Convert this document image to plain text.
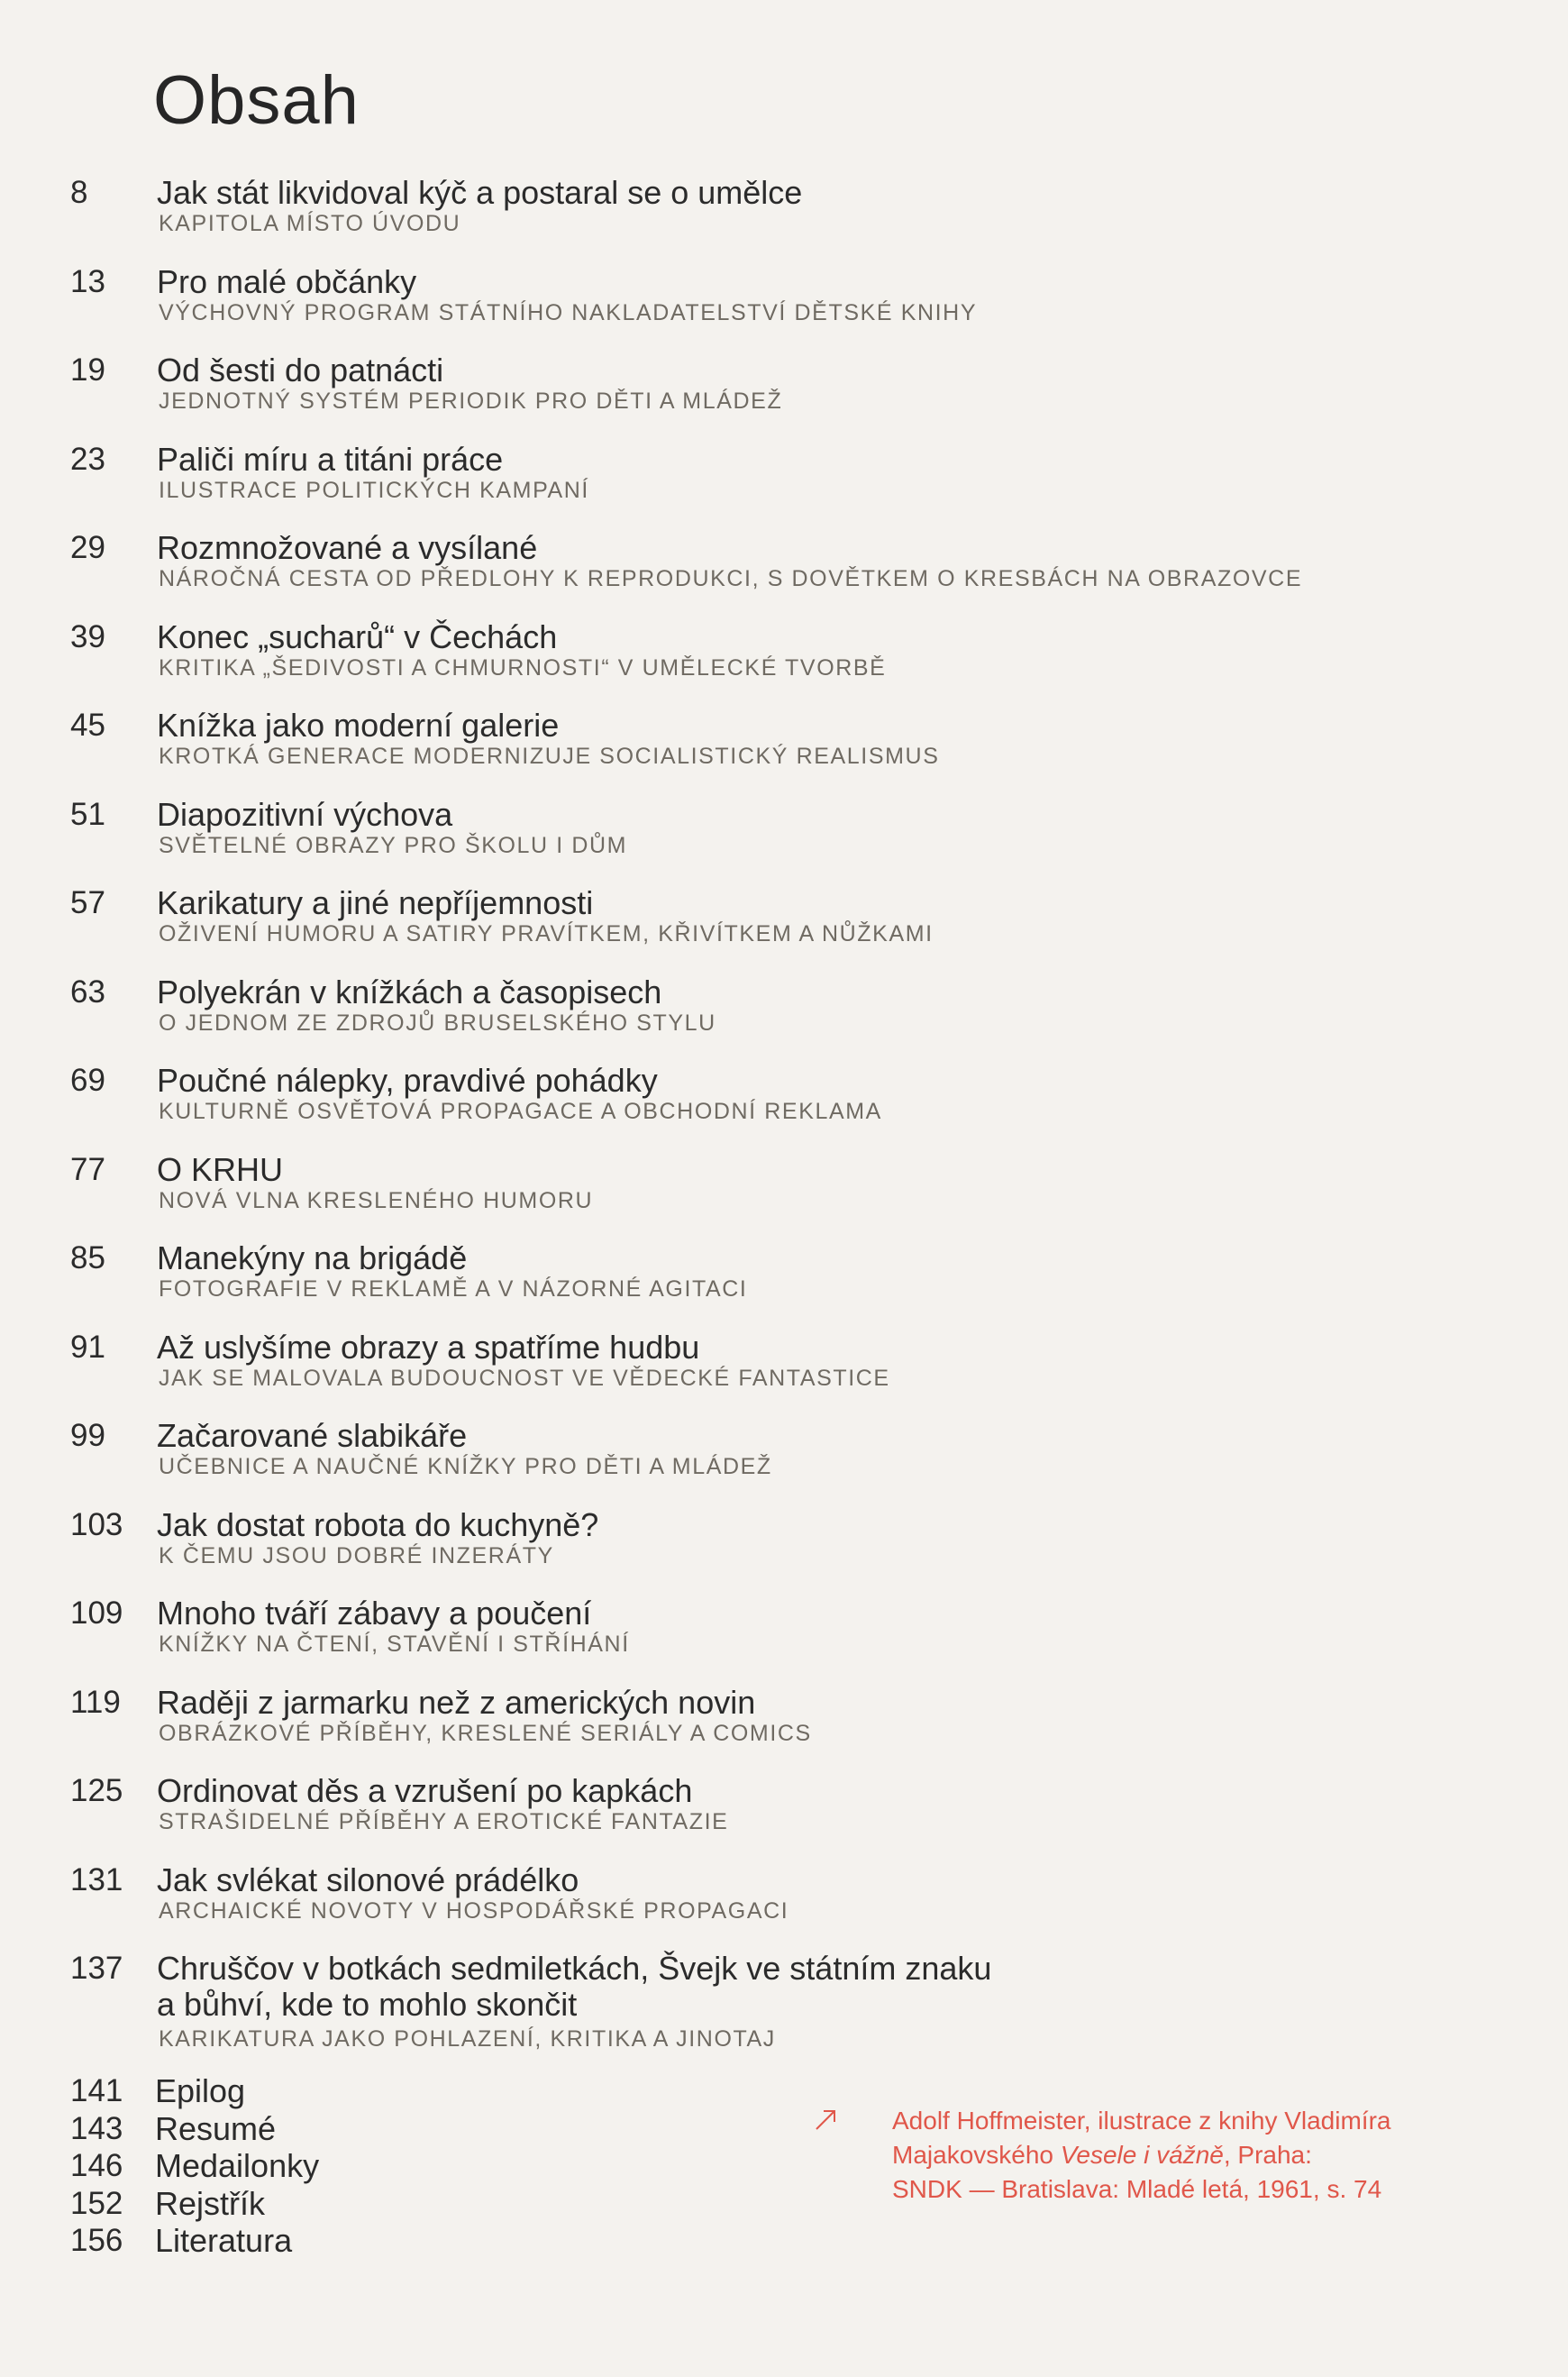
Obsah
8	Jak stát likvidoval kýč a postaral se o umělce
KAPITOLA MÍSTO ÚVODU
13	Pro malé občánky
VÝCHOVNÝ PROGRAM STÁTNÍHO NAKLADATELSTVÍ DĚTSKÉ KNIHY
19	Od šesti do patnácti
JEDNOTNÝ SYSTÉM PERIODIK PRO DĚTI A MLÁDEŽ
23	Paliči míru a titáni práce
ILUSTRACE POLITICKÝCH KAMPANÍ
29	Rozmnožované a vysílané
NÁROČNÁ CESTA OD PŘEDLOHY K REPRODUKCI, S DOVĚTKEM O KRESBÁCH NA OBRAZOVCE
39	Konec „sucharů“ v Čechách
KRITIKA „ŠEDIVOSTI A CHMURNOSTI“ V UMĚLECKÉ TVORBĚ
45	Knížka jako moderní galerie
KROTKÁ GENERACE MODERNIZUJE SOCIALISTICKÝ REALISMUS
51	Diapozitivní výchova
SVĚTELNÉ OBRAZY PRO ŠKOLU I DŮM
57	Karikatury a jiné nepříjemnosti
OŽIVENÍ HUMORU A SATIRY PRAVÍTKEM, KŘIVÍTKEM A NŮŽKAMI
63	Polyekrán v knížkách a časopisech
O JEDNOM ZE ZDROJŮ BRUSELSKÉHO STYLU
69	Poučné nálepky, pravdivé pohádky
KULTURNĚ OSVĚTOVÁ PROPAGACE A OBCHODNÍ REKLAMA
77	O KRHU
NOVÁ VLNA KRESLENÉHO HUMORU
85	Manekýny na brigádě
FOTOGRAFIE V REKLAMĚ A V NÁZORNÉ AGITACI
91	Až uslyšíme obrazy a spatříme hudbu
JAK SE MALOVALA BUDOUCNOST VE VĚDECKÉ FANTASTICE
99	Začarované slabikáře
UČEBNICE A NAUČNÉ KNÍŽKY PRO DĚTI A MLÁDEŽ
103	Jak dostat robota do kuchyně?
K ČEMU JSOU DOBRÉ INZERÁTY
109	Mnoho tváří zábavy a poučení
KNÍŽKY NA ČTENÍ, STAVĚNÍ I STŘÍHÁNÍ
119	Raději z jarmarku než z amerických novin
OBRÁZKOVÉ PŘÍBĚHY, KRESLENÉ SERIÁLY A COMICS
125	Ordinovat děs a vzrušení po kapkách
STRAŠIDELNÉ PŘÍBĚHY A EROTICKÉ FANTAZIE
131	Jak svlékat silonové prádélko
ARCHAICKÉ NOVOTY V HOSPODÁŘSKÉ PROPAGACI
137	Chruščov v botkách sedmiletkách, Švejk ve státním znaku
a bůhví, kde to mohlo skončit
KARIKATURA JAKO POHLAZENÍ, KRITIKA A JINOTAJ
141 Epilog
143 Resumé
146 Medailonky
152 Rejstřík
156 Literatura
Adolf Hoffmeister, ilustrace z knihy Vladimíra
Majakovského Vesele i vážně, Praha:
SNDK — Bratislava: Mladé letá, 1961, s. 74
